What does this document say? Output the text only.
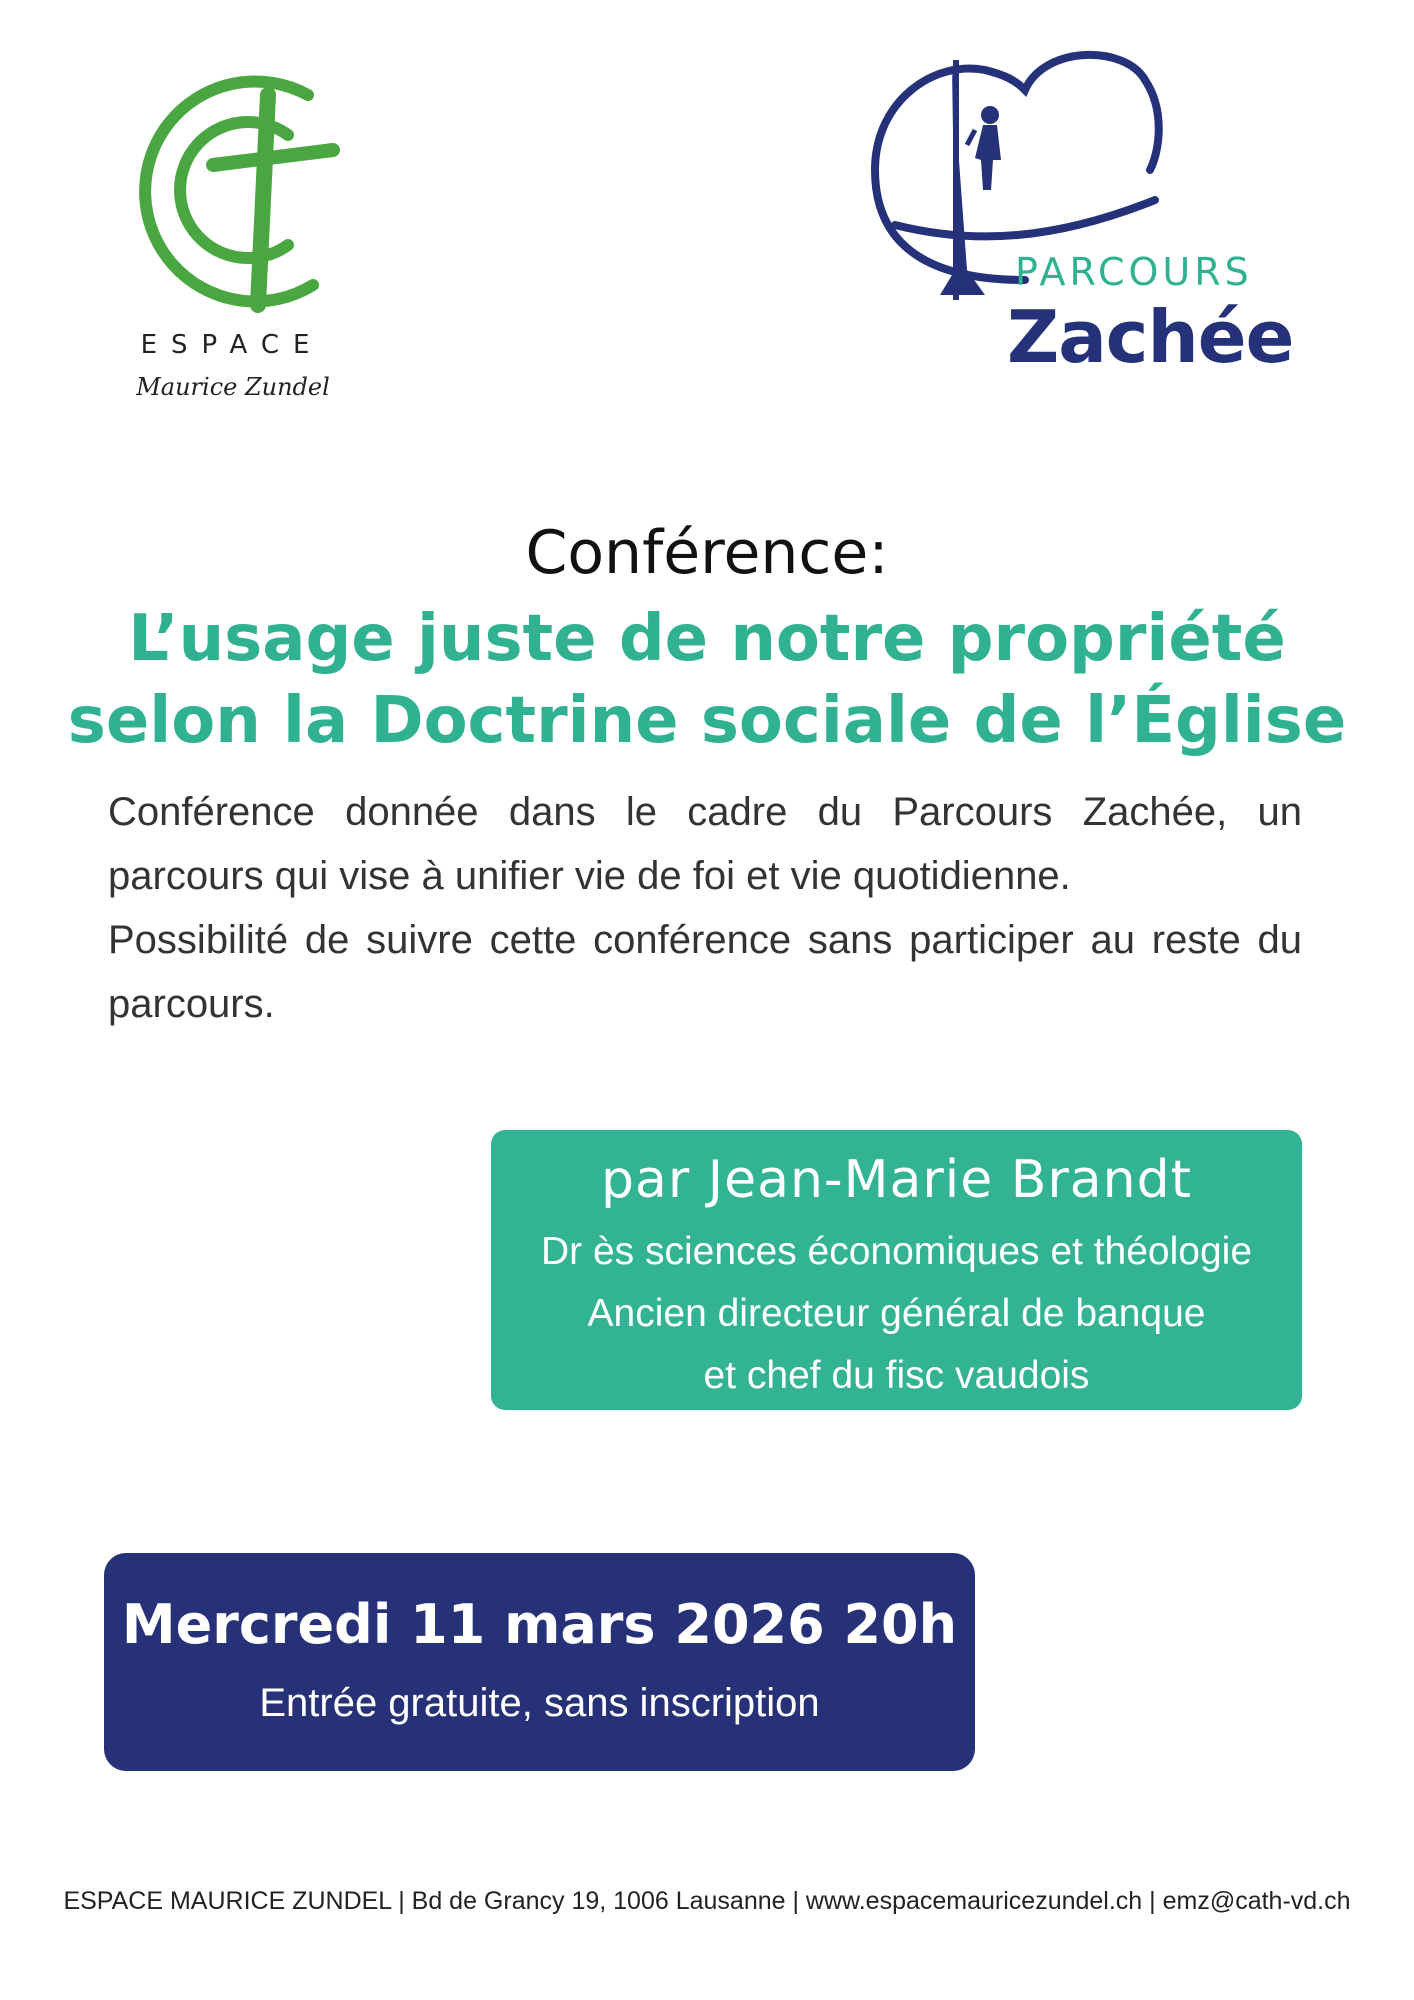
ESPACE
Maurice Zundel
PARCOURS
Zachée
Conférence:
L’usage juste de notre propriété
selon la Doctrine sociale de l’Église

Conférence donnée dans le cadre du Parcours Zachée, un parcours qui vise à unifier vie de foi et vie quotidienne.

Possibilité de suivre cette conférence sans participer au reste du parcours.

par Jean-Marie Brandt
Dr ès sciences économiques et théologie
Ancien directeur général de banque
et chef du fisc vaudois
Mercredi 11 mars 2026 20h
Entrée gratuite, sans inscription
ESPACE MAURICE ZUNDEL | Bd de Grancy 19, 1006 Lausanne | www.espacemauricezundel.ch | emz@cath-vd.ch
